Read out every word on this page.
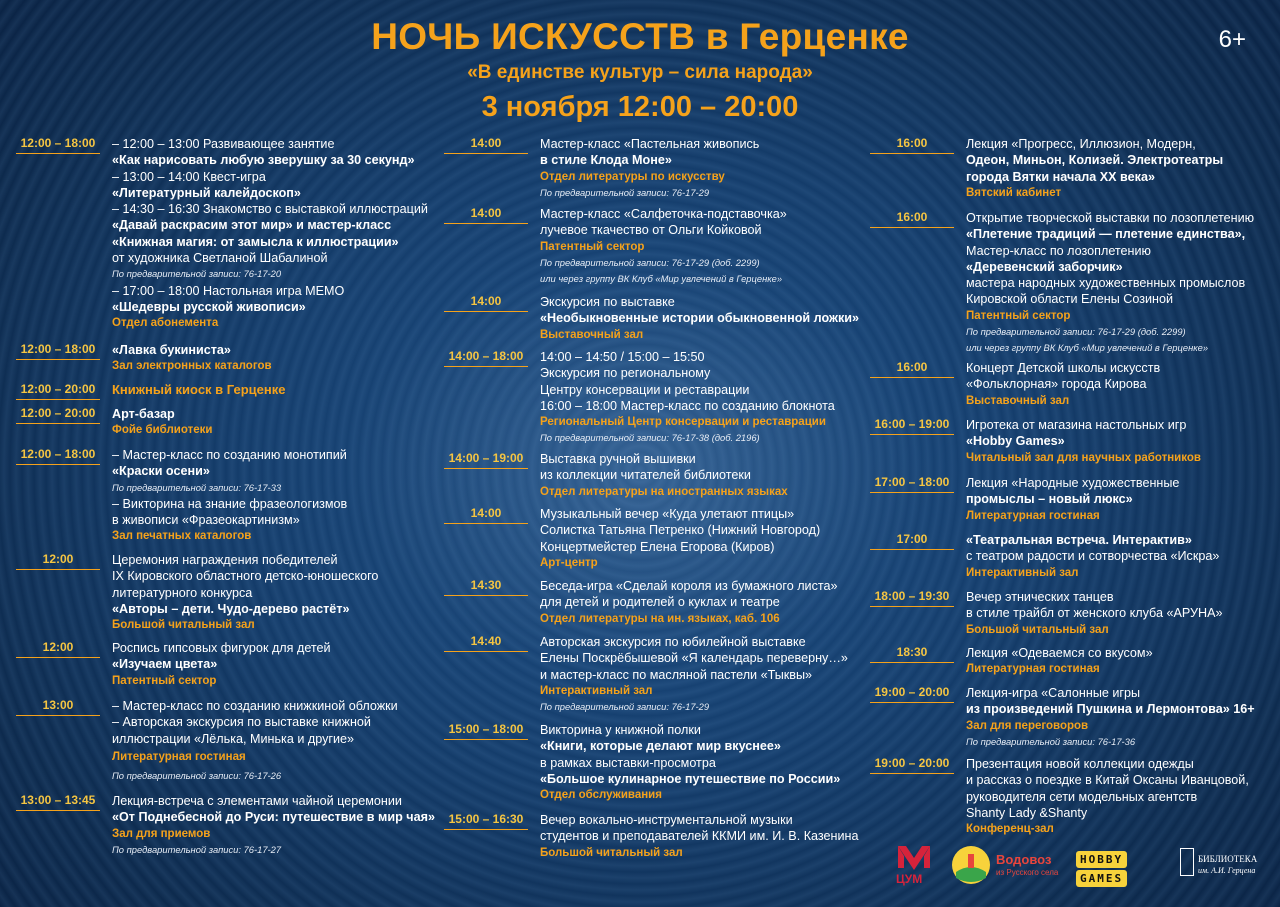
НОЧЬ ИСКУССТВ в Герценке
«В единстве культур – сила народа»
3 ноября 12:00 – 20:00
6+
12:00 – 18:00	– 12:00 – 13:00 Развивающее занятие
«Как нарисовать любую зверушку за 30 секунд»
– 13:00 – 14:00 Квест-игра
«Литературный калейдоскоп»
– 14:30 – 16:30 Знакомство с выставкой иллюстраций
«Давай раскрасим этот мир» и мастер-класс
«Книжная магия: от замысла к иллюстрации»
от художника Светланой Шабалиной
По предварительной записи: 76-17-20
– 17:00 – 18:00 Настольная игра МЕМО
«Шедевры русской живописи»
Отдел абонемента
12:00 – 18:00	«Лавка букиниста»
Зал электронных каталогов
12:00 – 20:00	Книжный киоск в Герценке
12:00 – 20:00	Арт-базар
Фойе библиотеки
12:00 – 18:00	– Мастер-класс по созданию монотипий
«Краски осени»
По предварительной записи: 76-17-33
– Викторина на знание фразеологизмов
в живописи «Фразеокартинизм»
Зал печатных каталогов
12:00	Церемония награждения победителей
IX Кировского областного детско-юношеского
литературного конкурса
«Авторы – дети. Чудо-дерево растёт»
Большой читальный зал
12:00	Роспись гипсовых фигурок для детей
«Изучаем цвета»
Патентный сектор
13:00	– Мастер-класс по созданию книжкиной обложки
– Авторская экскурсия по выставке книжной
иллюстрации «Лёлька, Минька и другие»
Литературная гостиная
По предварительной записи: 76-17-26
13:00 – 13:45	Лекция-встреча с элементами чайной церемонии
«От Поднебесной до Руси: путешествие в мир чая»
Зал для приемов
По предварительной записи: 76-17-27
14:00	Мастер-класс «Пастельная живопись
в стиле Клода Моне»
Отдел литературы по искусству
По предварительной записи: 76-17-29
14:00	Мастер-класс «Салфеточка-подставочка»
лучевое ткачество от Ольги Койковой
Патентный сектор
По предварительной записи: 76-17-29 (доб. 2299)
или через группу ВК Клуб «Мир увлечений в Герценке»
14:00	Экскурсия по выставке
«Необыкновенные истории обыкновенной ложки»
Выставочный зал
14:00 – 18:00	14:00 – 14:50 / 15:00 – 15:50
Экскурсия по региональному
Центру консервации и реставрации
16:00 – 18:00 Мастер-класс по созданию блокнота
Региональный Центр консервации и реставрации
По предварительной записи: 76-17-38 (доб. 2196)
14:00 – 19:00	Выставка ручной вышивки
из коллекции читателей библиотеки
Отдел литературы на иностранных языках
14:00	Музыкальный вечер «Куда улетают птицы»
Солистка Татьяна Петренко (Нижний Новгород)
Концертмейстер Елена Егорова (Киров)
Арт-центр
14:30	Беседа-игра «Сделай короля из бумажного листа»
для детей и родителей о куклах и театре
Отдел литературы на ин. языках, каб. 106
14:40	Авторская экскурсия по юбилейной выставке
Елены Поскрёбышевой «Я календарь переверну…»
и мастер-класс по масляной пастели «Тыквы»
Интерактивный зал
По предварительной записи: 76-17-29
15:00 – 18:00	Викторина у книжной полки
«Книги, которые делают мир вкуснее»
в рамках выставки-просмотра
«Большое кулинарное путешествие по России»
Отдел обслуживания
15:00 – 16:30	Вечер вокально-инструментальной музыки
студентов и преподавателей ККМИ им. И. В. Казенина
Большой читальный зал
16:00	Лекция «Прогресс, Иллюзион, Модерн,
Одеон, Миньон, Колизей. Электротеатры
города Вятки начала XX века»
Вятский кабинет
16:00	Открытие творческой выставки по лозоплетению
«Плетение традиций — плетение единства»,
Мастер-класс по лозоплетению
«Деревенский заборчик»
мастера народных художественных промыслов
Кировской области Елены Созиной
Патентный сектор
По предварительной записи: 76-17-29 (доб. 2299)
или через группу ВК Клуб «Мир увлечений в Герценке»
16:00	Концерт Детской школы искусств
«Фольклорная» города Кирова
Выставочный зал
16:00 – 19:00	Игротека от магазина настольных игр
«Hobby Games»
Читальный зал для научных работников
17:00 – 18:00	Лекция «Народные художественные
промыслы – новый люкс»
Литературная гостиная
17:00	«Театральная встреча. Интерактив»
с театром радости и сотворчества «Искра»
Интерактивный зал
18:00 – 19:30	Вечер этнических танцев
в стиле трайбл от женского клуба «АРУНА»
Большой читальный зал
18:30	Лекция «Одеваемся со вкусом»
Литературная гостиная
19:00 – 20:00	Лекция-игра «Салонные игры
из произведений Пушкина и Лермонтова» 16+
Зал для переговоров
По предварительной записи: 76-17-36
19:00 – 20:00	Презентация новой коллекции одежды
и рассказ о поездке в Китай Оксаны Иванцовой,
руководителя сети модельных агентств
Shanty Lady &Shanty
Конференц-зал
ЦУМ
Водовоз
из Русского села
HOBBY GAMES
БИБЛИОТЕКА
им. А.И. Герцена
